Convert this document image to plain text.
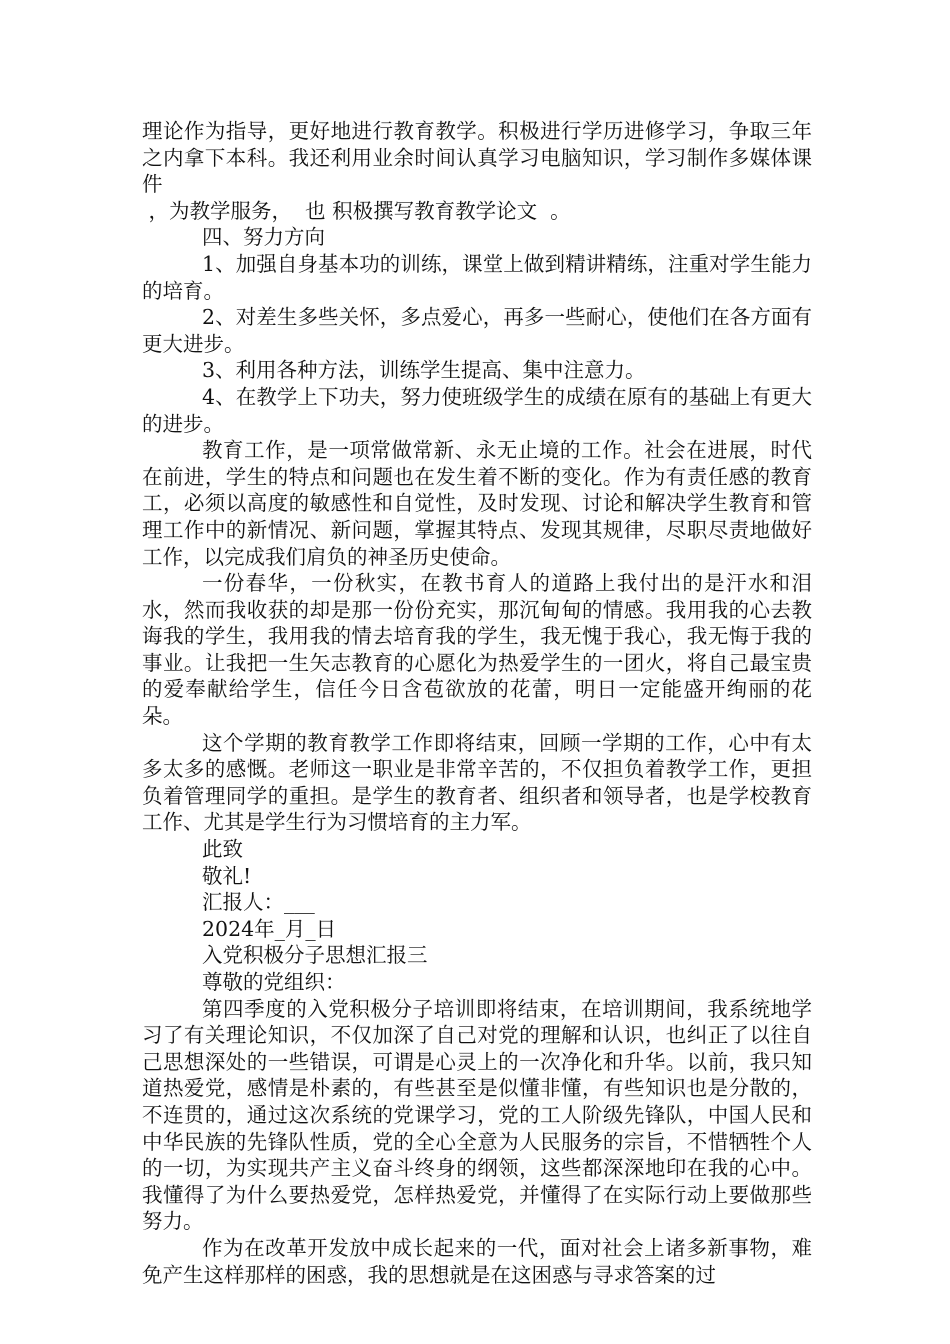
理论作为指导，更好地进行教育教学。积极进行学历进修学习，争取三年之内拿下本科。我还利用业余时间认真学习电脑知识，学习制作多媒体课件

，为教学服务，  也 积极撰写教育教学论文  。

四、努力方向

1、加强自身基本功的训练，课堂上做到精讲精练，注重对学生能力的培育。

2、对差生多些关怀，多点爱心，再多一些耐心，使他们在各方面有更大进步。

3、利用各种方法，训练学生提高、集中注意力。

4、在教学上下功夫，努力使班级学生的成绩在原有的基础上有更大的进步。

教育工作，是一项常做常新、永无止境的工作。社会在进展，时代在前进，学生的特点和问题也在发生着不断的变化。作为有责任感的教育工，必须以高度的敏感性和自觉性，及时发现、讨论和解决学生教育和管理工作中的新情况、新问题，掌握其特点、发现其规律，尽职尽责地做好工作，以完成我们肩负的神圣历史使命。

一份春华，一份秋实，在教书育人的道路上我付出的是汗水和泪水，然而我收获的却是那一份份充实，那沉甸甸的情感。我用我的心去教诲我的学生，我用我的情去培育我的学生，我无愧于我心，我无悔于我的事业。让我把一生矢志教育的心愿化为热爱学生的一团火，将自己最宝贵的爱奉献给学生，信任今日含苞欲放的花蕾，明日一定能盛开绚丽的花朵。

这个学期的教育教学工作即将结束，回顾一学期的工作，心中有太多太多的感慨。老师这一职业是非常辛苦的，不仅担负着教学工作，更担负着管理同学的重担。是学生的教育者、组织者和领导者，也是学校教育工作、尤其是学生行为习惯培育的主力军。

此致

敬礼!

汇报人：___

2024年_月_日

入党积极分子思想汇报三

尊敬的党组织：

第四季度的入党积极分子培训即将结束，在培训期间，我系统地学习了有关理论知识，不仅加深了自己对党的理解和认识，也纠正了以往自己思想深处的一些错误，可谓是心灵上的一次净化和升华。以前，我只知道热爱党，感情是朴素的，有些甚至是似懂非懂，有些知识也是分散的，不连贯的，通过这次系统的党课学习，党的工人阶级先锋队，中国人民和中华民族的先锋队性质，党的全心全意为人民服务的宗旨，不惜牺牲个人的一切，为实现共产主义奋斗终身的纲领，这些都深深地印在我的心中。我懂得了为什么要热爱党，怎样热爱党，并懂得了在实际行动上要做那些努力。

作为在改革开发放中成长起来的一代，面对社会上诸多新事物，难免产生这样那样的困惑，我的思想就是在这困惑与寻求答案的过
